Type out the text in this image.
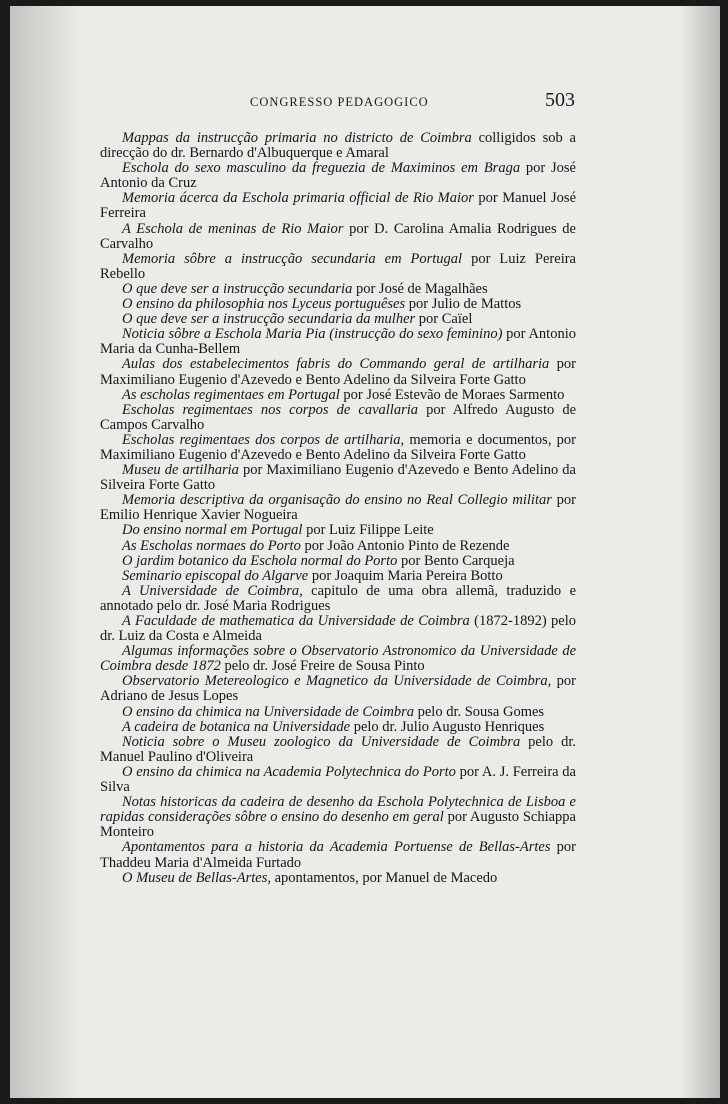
CONGRESSO PEDAGOGICO	503

Mappas da instrucção primaria no districto de Coimbra colligidos sob a direcção do dr. Bernardo d'Albuquerque e Amaral

Eschola do sexo masculino da freguezia de Maximinos em Braga por José Antonio da Cruz

Memoria ácerca da Eschola primaria official de Rio Maior por Manuel José Ferreira

A Eschola de meninas de Rio Maior por D. Carolina Amalia Rodrigues de Carvalho

Memoria sôbre a instrucção secundaria em Portugal por Luiz Pereira Rebello

O que deve ser a instrucção secundaria por José de Magalhães

O ensino da philosophia nos Lyceus portuguêses por Julio de Mattos

O que deve ser a instrucção secundaria da mulher por Caïel

Noticia sôbre a Eschola Maria Pia (instrucção do sexo feminino) por Antonio Maria da Cunha-Bellem

Aulas dos estabelecimentos fabris do Commando geral de artilharia por Maximiliano Eugenio d'Azevedo e Bento Adelino da Silveira Forte Gatto

As escholas regimentaes em Portugal por José Estevão de Moraes Sarmento

Escholas regimentaes nos corpos de cavallaria por Alfredo Augusto de Campos Carvalho

Escholas regimentaes dos corpos de artilharia, memoria e documentos, por Maximiliano Eugenio d'Azevedo e Bento Adelino da Silveira Forte Gatto

Museu de artilharia por Maximiliano Eugenio d'Azevedo e Bento Adelino da Silveira Forte Gatto

Memoria descriptiva da organisação do ensino no Real Collegio militar por Emilio Henrique Xavier Nogueira

Do ensino normal em Portugal por Luiz Filippe Leite

As Escholas normaes do Porto por João Antonio Pinto de Rezende

O jardim botanico da Eschola normal do Porto por Bento Carqueja

Seminario episcopal do Algarve por Joaquim Maria Pereira Botto

A Universidade de Coimbra, capitulo de uma obra allemã, traduzido e annotado pelo dr. José Maria Rodrigues

A Faculdade de mathematica da Universidade de Coimbra (1872-1892) pelo dr. Luiz da Costa e Almeida

Algumas informações sobre o Observatorio Astronomico da Universidade de Coimbra desde 1872 pelo dr. José Freire de Sousa Pinto

Observatorio Metereologico e Magnetico da Universidade de Coimbra, por Adriano de Jesus Lopes

O ensino da chimica na Universidade de Coimbra pelo dr. Sousa Gomes

A cadeira de botanica na Universidade pelo dr. Julio Augusto Henriques

Noticia sobre o Museu zoologico da Universidade de Coimbra pelo dr. Manuel Paulino d'Oliveira

O ensino da chimica na Academia Polytechnica do Porto por A. J. Ferreira da Silva

Notas historicas da cadeira de desenho da Eschola Polytechnica de Lisboa e rapidas considerações sôbre o ensino do desenho em geral por Augusto Schiappa Monteiro

Apontamentos para a historia da Academia Portuense de Bellas-Artes por Thaddeu Maria d'Almeida Furtado

O Museu de Bellas-Artes, apontamentos, por Manuel de Macedo
